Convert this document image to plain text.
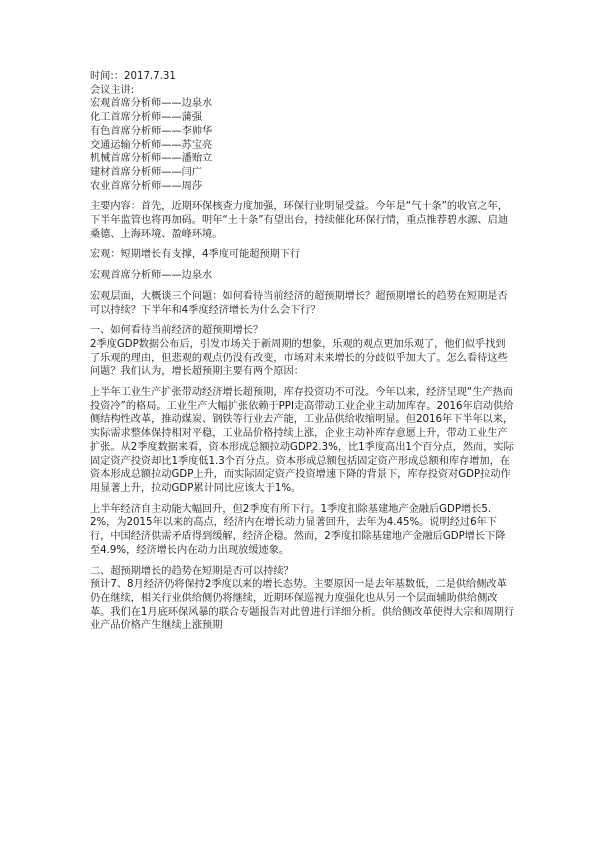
时间:：2017.7.31
会议主讲:
宏观首席分析师——边泉水
化工首席分析师——蒲强
有色首席分析师——李帅华
交通运输分析师——苏宝亮
机械首席分析师——潘贻立
建材首席分析师——闫广
农业首席分析师——周莎
主要内容：首先，近期环保核查力度加强，环保行业明显受益。今年是“气十条”的收官之年，下半年监管也将再加码。明年“土十条”有望出台，持续催化环保行情，重点推荐碧水源、启迪桑德、上海环境、盈峰环境。
宏观：短期增长有支撑，4季度可能超预期下行
宏观首席分析师——边泉水
宏观层面，大概谈三个问题：如何看待当前经济的超预期增长？超预期增长的趋势在短期是否可以持续？下半年和4季度经济增长为什么会下行？
一、如何看待当前经济的超预期增长？
2季度GDP数据公布后，引发市场关于新周期的想象，乐观的观点更加乐观了，他们似乎找到了乐观的理由，但悲观的观点仍没有改变，市场对未来增长的分歧似乎加大了。怎么看待这些问题？我们认为，增长超预期主要有两个原因：
上半年工业生产扩张带动经济增长超预期，库存投资功不可没。今年以来，经济呈现“生产热而投资冷”的格局。工业生产大幅扩张依赖于PPI走高带动工业企业主动加库存。2016年启动供给侧结构性改革，推动煤炭、钢铁等行业去产能，工业品供给收缩明显。但2016年下半年以来，实际需求整体保持相对平稳，工业品价格持续上涨，企业主动补库存意愿上升，带动工业生产扩张。从2季度数据来看，资本形成总额拉动GDP2.3%，比1季度高出1个百分点，然而，实际固定资产投资却比1季度低1.3个百分点。资本形成总额包括固定资产形成总额和库存增加，在资本形成总额拉动GDP上升，而实际固定资产投资增速下降的背景下，库存投资对GDP拉动作用显著上升，拉动GDP累计同比应该大于1%。
上半年经济自主动能大幅回升，但2季度有所下行。1季度扣除基建地产金融后GDP增长5.2%，为2015年以来的高点，经济内在增长动力显著回升，去年为4.45%。说明经过6年下行，中国经济供需矛盾得到缓解，经济企稳。然而，2季度扣除基建地产金融后GDP增长下降至4.9%，经济增长内在动力出现放缓迹象。
二、超预期增长的趋势在短期是否可以持续？
预计7、8月经济仍将保持2季度以来的增长态势。主要原因一是去年基数低，二是供给侧改革仍在继续，相关行业供给侧仍将继续，近期环保巡视力度强化也从另一个层面辅助供给侧改革。我们在1月底环保风暴的联合专题报告对此曾进行详细分析。供给侧改革使得大宗和周期行业产品价格产生继续上涨预期
